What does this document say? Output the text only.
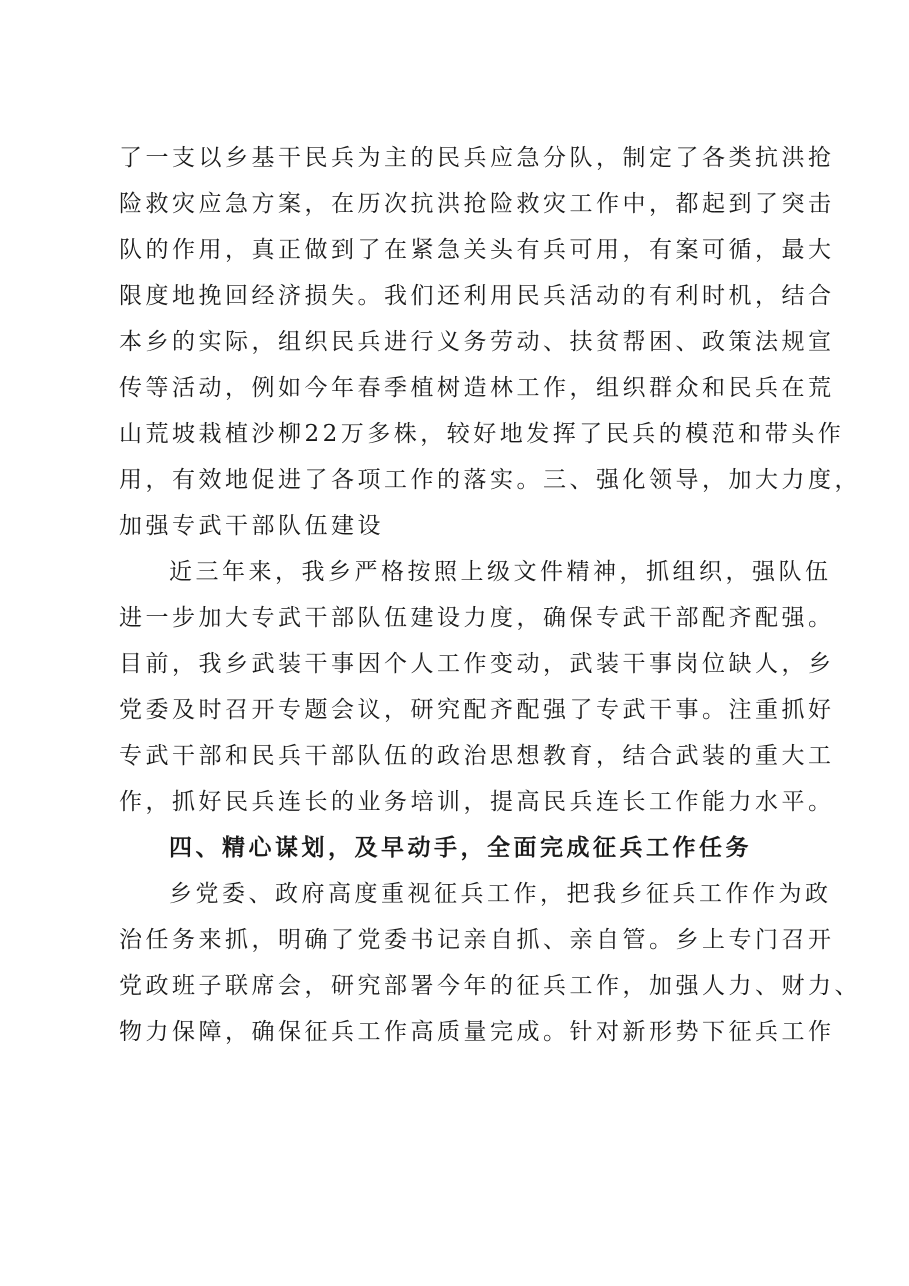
了一支以乡基干民兵为主的民兵应急分队，制定了各类抗洪抢
险救灾应急方案，在历次抗洪抢险救灾工作中，都起到了突击
队的作用，真正做到了在紧急关头有兵可用，有案可循，最大
限度地挽回经济损失。我们还利用民兵活动的有利时机，结合
本乡的实际，组织民兵进行义务劳动、扶贫帮困、政策法规宣
传等活动，例如今年春季植树造林工作，组织群众和民兵在荒
山荒坡栽植沙柳22万多株，较好地发挥了民兵的模范和带头作
用，有效地促进了各项工作的落实。三、强化领导，加大力度，
加强专武干部队伍建设
近三年来，我乡严格按照上级文件精神，抓组织，强队伍
进一步加大专武干部队伍建设力度，确保专武干部配齐配强。
目前，我乡武装干事因个人工作变动，武装干事岗位缺人，乡
党委及时召开专题会议，研究配齐配强了专武干事。注重抓好
专武干部和民兵干部队伍的政治思想教育，结合武装的重大工
作，抓好民兵连长的业务培训，提高民兵连长工作能力水平。
四、精心谋划，及早动手，全面完成征兵工作任务
乡党委、政府高度重视征兵工作，把我乡征兵工作作为政
治任务来抓，明确了党委书记亲自抓、亲自管。乡上专门召开
党政班子联席会，研究部署今年的征兵工作，加强人力、财力、
物力保障，确保征兵工作高质量完成。针对新形势下征兵工作
